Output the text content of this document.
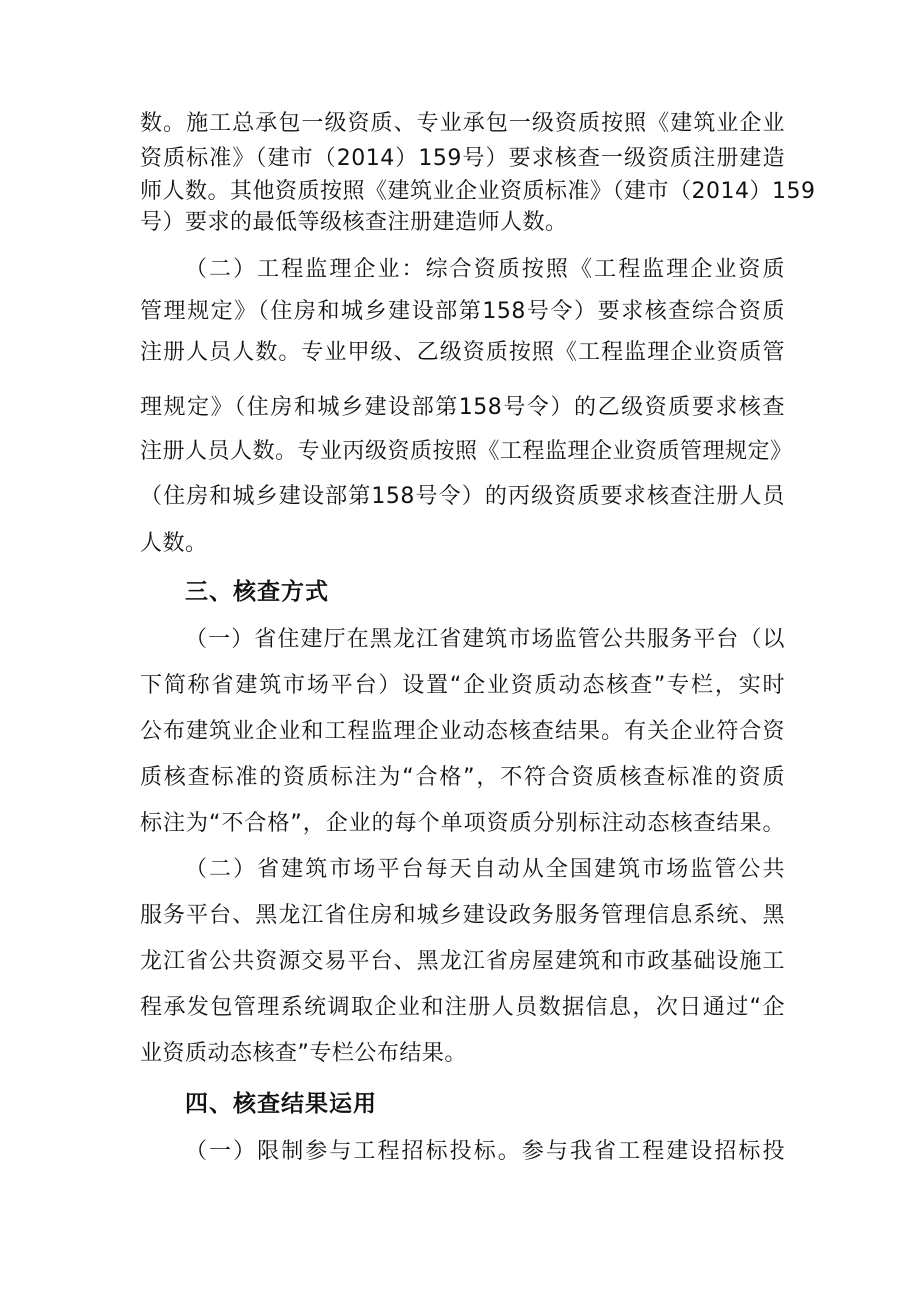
数。施工总承包一级资质、专业承包一级资质按照《建筑业企业
资质标准》（建市（2014）159号）要求核查一级资质注册建造
师人数。其他资质按照《建筑业企业资质标准》（建市（2014）159
号）要求的最低等级核查注册建造师人数。
（二）工程监理企业：综合资质按照《工程监理企业资质
管理规定》（住房和城乡建设部第158号令）要求核查综合资质
注册人员人数。专业甲级、乙级资质按照《工程监理企业资质管
理规定》（住房和城乡建设部第158号令）的乙级资质要求核查
注册人员人数。专业丙级资质按照《工程监理企业资质管理规定》
（住房和城乡建设部第158号令）的丙级资质要求核查注册人员
人数。
三、核查方式
（一）省住建厅在黑龙江省建筑市场监管公共服务平台（以
下简称省建筑市场平台）设置“企业资质动态核查”专栏，实时
公布建筑业企业和工程监理企业动态核查结果。有关企业符合资
质核查标准的资质标注为“合格”，不符合资质核查标准的资质
标注为“不合格”，企业的每个单项资质分别标注动态核查结果。
（二）省建筑市场平台每天自动从全国建筑市场监管公共
服务平台、黑龙江省住房和城乡建设政务服务管理信息系统、黑
龙江省公共资源交易平台、黑龙江省房屋建筑和市政基础设施工
程承发包管理系统调取企业和注册人员数据信息，次日通过“企
业资质动态核查”专栏公布结果。
四、核查结果运用
（一）限制参与工程招标投标。参与我省工程建设招标投
